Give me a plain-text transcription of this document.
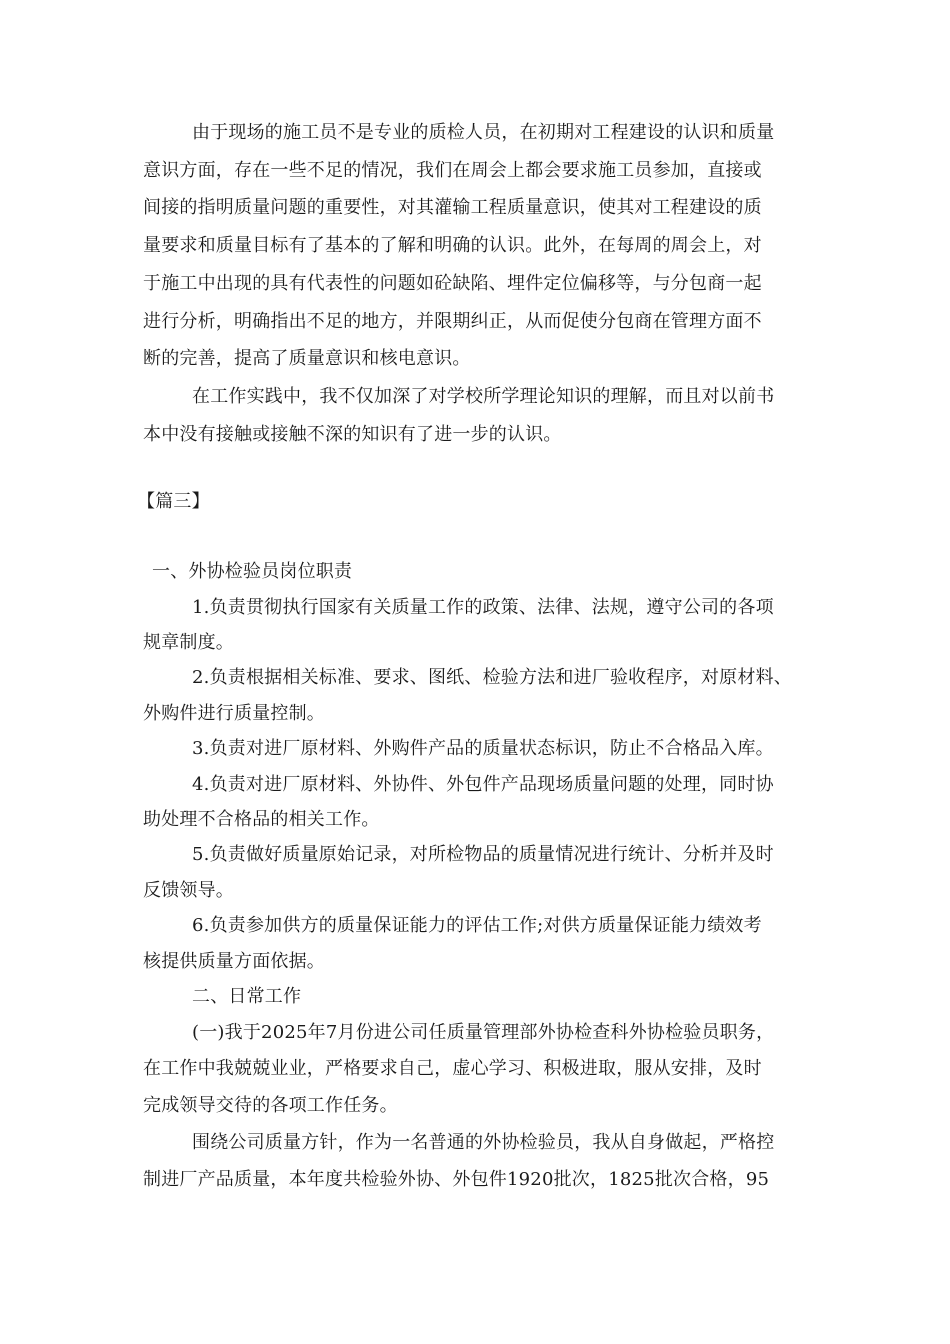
由于现场的施工员不是专业的质检人员，在初期对工程建设的认识和质量
意识方面，存在一些不足的情况，我们在周会上都会要求施工员参加，直接或
间接的指明质量问题的重要性，对其灌输工程质量意识，使其对工程建设的质
量要求和质量目标有了基本的了解和明确的认识。此外，在每周的周会上，对
于施工中出现的具有代表性的问题如砼缺陷、埋件定位偏移等，与分包商一起
进行分析，明确指出不足的地方，并限期纠正，从而促使分包商在管理方面不
断的完善，提高了质量意识和核电意识。
在工作实践中，我不仅加深了对学校所学理论知识的理解，而且对以前书
本中没有接触或接触不深的知识有了进一步的认识。
【篇三】
一、外协检验员岗位职责
1.负责贯彻执行国家有关质量工作的政策、法律、法规，遵守公司的各项
规章制度。
2.负责根据相关标准、要求、图纸、检验方法和进厂验收程序，对原材料、
外购件进行质量控制。
3.负责对进厂原材料、外购件产品的质量状态标识，防止不合格品入库。
4.负责对进厂原材料、外协件、外包件产品现场质量问题的处理，同时协
助处理不合格品的相关工作。
5.负责做好质量原始记录，对所检物品的质量情况进行统计、分析并及时
反馈领导。
6.负责参加供方的质量保证能力的评估工作;对供方质量保证能力绩效考
核提供质量方面依据。
二、日常工作
(一)我于2025年7月份进公司任质量管理部外协检查科外协检验员职务，
在工作中我兢兢业业，严格要求自己，虚心学习、积极进取，服从安排，及时
完成领导交待的各项工作任务。
围绕公司质量方针，作为一名普通的外协检验员，我从自身做起，严格控
制进厂产品质量，本年度共检验外协、外包件1920批次，1825批次合格，95
